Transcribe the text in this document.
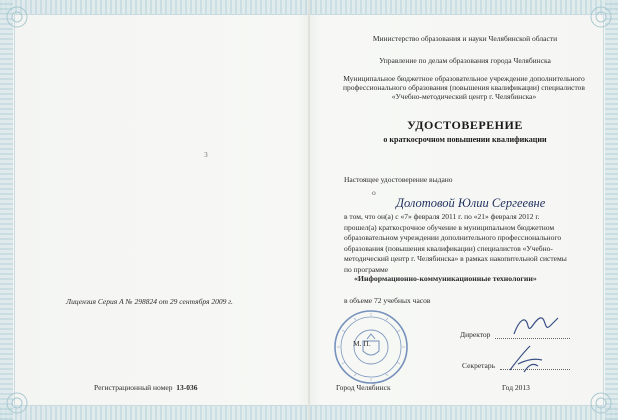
3
Лицензия Серия А № 298824 от 29 сентября 2009 г.
Регистрационный номер 13-036
Министерство образования и науки Челябинской области
Управление по делам образования города Челябинска
Муниципальное бюджетное образовательное учреждение дополнительного
профессионального образования (повышения квалификации) специалистов
«Учебно-методический центр г. Челябинска»
УДОСТОВЕРЕНИЕ
о краткосрочном повышении квалификации
Настоящее удостоверение выдано
о
Долотовой Юлии Сергеевне
в том, что он(а) с «7» февраля 2011 г. по «21» февраля 2012 г.
прошел(а) краткосрочное обучение в муниципальном бюджетном
образовательном учреждении дополнительного профессионального
образования (повышения квалификации) специалистов «Учебно-
методический центр г. Челябинска» в рамках накопительной системы
по программе
«Информационно-коммуникационные технологии»
в объеме 72 учебных часов
М. П.
Директор
Секретарь
Город Челябинск	Год 2013
